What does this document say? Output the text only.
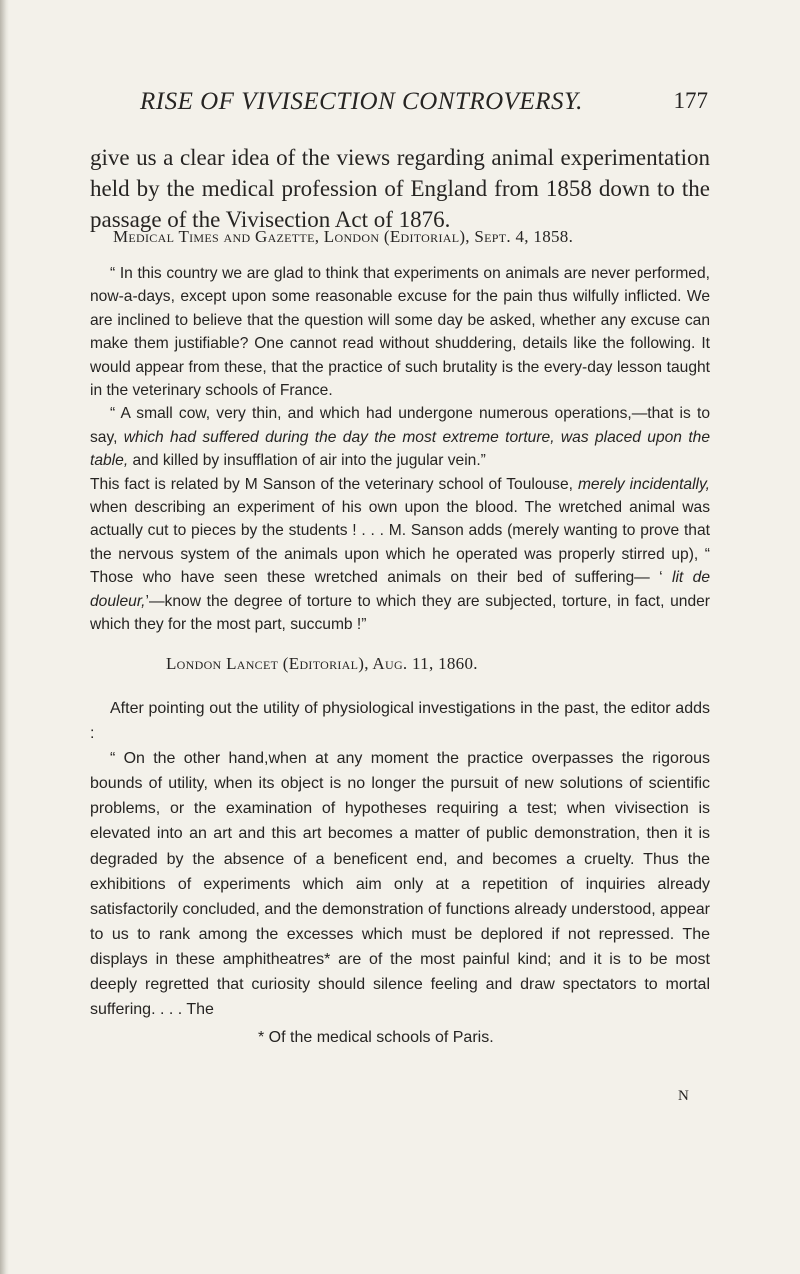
RISE OF VIVISECTION CONTROVERSY.	177
give us a clear idea of the views regarding animal experimentation held by the medical profession of England from 1858 down to the passage of the Vivisection Act of 1876.
Medical Times and Gazette, London (Editorial), Sept. 4, 1858.

“ In this country we are glad to think that experiments on animals are never performed, now-a-days, except upon some reasonable excuse for the pain thus wilfully inflicted. We are inclined to believe that the question will some day be asked, whether any excuse can make them justifiable? One cannot read without shuddering, details like the following. It would appear from these, that the practice of such brutality is the every-day lesson taught in the veterinary schools of France.

“ A small cow, very thin, and which had undergone numerous operations,—that is to say, which had suffered during the day the most extreme torture, was placed upon the table, and killed by insufflation of air into the jugular vein.”

This fact is related by M Sanson of the veterinary school of Toulouse, merely incidentally, when describing an experiment of his own upon the blood. The wretched animal was actually cut to pieces by the students ! . . . M. Sanson adds (merely wanting to prove that the nervous system of the animals upon which he operated was properly stirred up), “ Those who have seen these wretched animals on their bed of suffering— ‘ lit de douleur,’—know the degree of torture to which they are subjected, torture, in fact, under which they for the most part, succumb !”

London Lancet (Editorial), Aug. 11, 1860.

After pointing out the utility of physiological investigations in the past, the editor adds :

“ On the other hand,when at any moment the practice overpasses the rigorous bounds of utility, when its object is no longer the pursuit of new solutions of scientific problems, or the examination of hypotheses requiring a test; when vivisection is elevated into an art and this art becomes a matter of public demonstration, then it is degraded by the absence of a beneficent end, and becomes a cruelty. Thus the exhibitions of experiments which aim only at a repetition of inquiries already satisfactorily concluded, and the demonstration of functions already understood, appear to us to rank among the excesses which must be deplored if not repressed. The displays in these amphitheatres* are of the most painful kind; and it is to be most deeply regretted that curiosity should silence feeling and draw spectators to mortal suffering. . . . The

* Of the medical schools of Paris.
N
